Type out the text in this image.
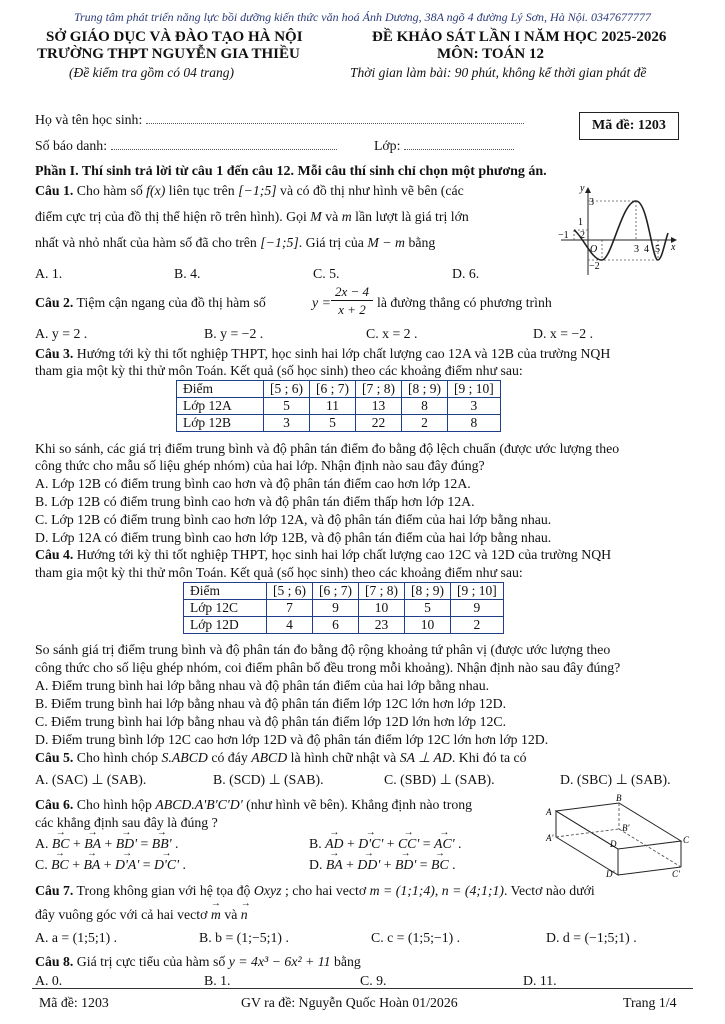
Trung tâm phát triển năng lực bồi dưỡng kiến thức văn hoá Ánh Dương, 38A ngõ 4 đường Lý Sơn, Hà Nội. 0347677777
SỞ GIÁO DỤC VÀ ĐÀO TẠO HÀ NỘI
TRƯỜNG THPT NGUYỄN GIA THIỀU
(Đề kiểm tra gồm có 04 trang)
ĐỀ KHẢO SÁT LẦN I NĂM HỌC 2025-2026
MÔN: TOÁN 12
Thời gian làm bài: 90 phút, không kể thời gian phát đề
Họ và tên học sinh:
Số báo danh:	Lớp:
Mã đề: 1203
Phần I. Thí sinh trả lời từ câu 1 đến câu 12. Mỗi câu thí sinh chỉ chọn một phương án.
Câu 1. Cho hàm số f(x) liên tục trên [−1;5] và có đồ thị như hình vẽ bên (các
điểm cực trị của đồ thị thể hiện rõ trên hình). Gọi M và m lần lượt là giá trị lớn
nhất và nhỏ nhất của hàm số đã cho trên [−1;5]. Giá trị của M − m bằng
A. 1.	B. 4.	C. 5.	D. 6.
y
x
O
3
1
−1 2
3 4 5
−2
Câu 2. Tiệm cận ngang của đồ thị hàm số	$y = \frac{2x - 4}{x + 2}$ là đường thẳng có phương trình
A. y = 2 .	B. y = −2 .	C. x = 2 .	D. x = −2 .
Câu 3. Hướng tới kỳ thi tốt nghiệp THPT, học sinh hai lớp chất lượng cao 12A và 12B của trường NQH
tham gia một kỳ thi thử môn Toán. Kết quả (số học sinh) theo các khoảng điểm như sau:
Điểm	[5 ; 6)	[6 ; 7)	[7 ; 8)	[8 ; 9)	[9 ; 10]
Lớp 12A	5	11	13	8	3
Lớp 12B	3	5	22	2	8
Khi so sánh, các giá trị điểm trung bình và độ phân tán điểm đo bằng độ lệch chuẩn (được ước lượng theo
công thức cho mẫu số liệu ghép nhóm) của hai lớp. Nhận định nào sau đây đúng?
A. Lớp 12B có điểm trung bình cao hơn và độ phân tán điểm cao hơn lớp 12A.
B. Lớp 12B có điểm trung bình cao hơn và độ phân tán điểm thấp hơn lớp 12A.
C. Lớp 12B có điểm trung bình cao hơn lớp 12A, và độ phân tán điểm của hai lớp bằng nhau.
D. Lớp 12A có điểm trung bình cao hơn lớp 12B, và độ phân tán điểm của hai lớp bằng nhau.
Câu 4. Hướng tới kỳ thi tốt nghiệp THPT, học sinh hai lớp chất lượng cao 12C và 12D của trường NQH
tham gia một kỳ thi thử môn Toán. Kết quả (số học sinh) theo các khoảng điểm như sau:
Điểm	[5 ; 6)	[6 ; 7)	[7 ; 8)	[8 ; 9)	[9 ; 10]
Lớp 12C	7	9	10	5	9
Lớp 12D	4	6	23	10	2
So sánh giá trị điểm trung bình và độ phân tán đo bằng độ rộng khoảng tứ phân vị (được ước lượng theo
công thức cho số liệu ghép nhóm, coi điểm phân bố đều trong mỗi khoảng). Nhận định nào sau đây đúng?
A. Điểm trung bình hai lớp bằng nhau và độ phân tán điểm của hai lớp bằng nhau.
B. Điểm trung bình hai lớp bằng nhau và độ phân tán điểm lớp 12C lớn hơn lớp 12D.
C. Điểm trung bình hai lớp bằng nhau và độ phân tán điểm lớp 12D lớn hơn lớp 12C.
D. Điểm trung bình lớp 12C cao hơn lớp 12D và độ phân tán điểm lớp 12C lớn hơn lớp 12D.
Câu 5. Cho hình chóp S.ABCD có đáy ABCD là hình chữ nhật và SA ⊥ AD. Khi đó ta có
A. (SAC) ⊥ (SAB).	B. (SCD) ⊥ (SAB).	C. (SBD) ⊥ (SAB).	D. (SBC) ⊥ (SAB).
Câu 6. Cho hình hộp ABCD.A'B'C'D' (như hình vẽ bên). Khẳng định nào trong
các khẳng định sau đây là đúng ?
A. → BC + → BA + → BD' = → BB' .	B. → AD + → D'C' + → CC' = → AC' .
C. → BC + → BA + → D'A' = → D'C' .	D. → BA + → DD' + → BD' = → BC .
A
B
C
D
A'
B'
C'
D'
Câu 7. Trong không gian với hệ tọa độ Oxyz ; cho hai vectơ m = (1;1;4), n = (4;1;1). Vectơ nào dưới
đây vuông góc với cả hai vectơ → m và → n
A. a = (1;5;1) .	B. b = (1;−5;1) .	C. c = (1;5;−1) .	D. d = (−1;5;1) .
Câu 8. Giá trị cực tiểu của hàm số y = 4x³ − 6x² + 11 bằng
A. 0.	B. 1.	C. 9.	D. 11.
Mã đề: 1203	GV ra đề: Nguyễn Quốc Hoàn 01/2026	Trang 1/4
